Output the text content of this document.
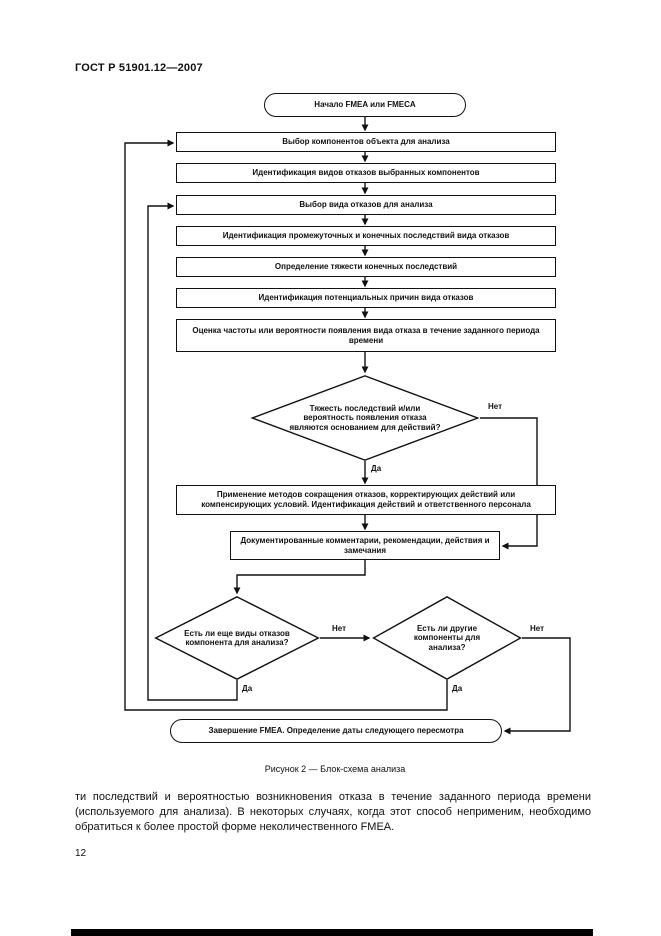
ГОСТ Р 51901.12—2007
Начало FMEA или FMECA
Выбор компонентов объекта для анализа
Идентификация видов отказов выбранных компонентов
Выбор вида отказов для анализа
Идентификация промежуточных и конечных последствий вида отказов
Определение тяжести конечных последствий
Идентификация потенциальных причин вида отказов
Оценка частоты или вероятности появления вида отказа в течение заданного периода времени
Тяжесть последствий и/или вероятность появления отказа являются основанием для действий?
Применение методов сокращения отказов, корректирующих действий или компенсирующих условий. Идентификация действий и ответственного персонала
Документированные комментарии, рекомендации, действия и замечания
Есть ли еще виды отказов компонента для анализа?
Есть ли другие компоненты для анализа?
Завершение FMEA. Определение даты следующего пересмотра
Нет
Да
Нет
Да
Нет
Да
Рисунок 2 — Блок-схема анализа
ти последствий и вероятностью возникновения отказа в течение заданного периода времени (используемого для анализа). В некоторых случаях, когда этот способ неприменим, необходимо обратиться к более простой форме неколичественного FMEA.
12
